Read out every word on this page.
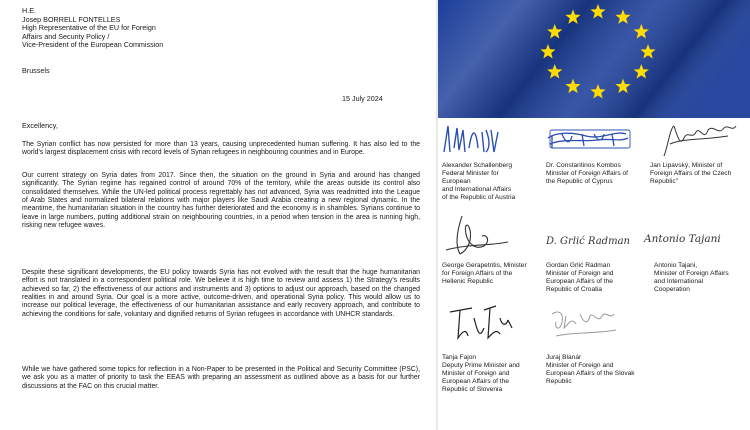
H.E.
Josep BORRELL FONTELLES
High Representative of the EU for Foreign
Affairs and Security Policy /
Vice-President of the European Commission
Brussels
15 July 2024
Excellency,
The Syrian conflict has now persisted for more than 13 years, causing unprecedented human suffering. It has also led to the world's largest displacement crisis with record levels of Syrian refugees in neighbouring countries and in Europe.
Our current strategy on Syria dates from 2017. Since then, the situation on the ground in Syria and around has changed significantly. The Syrian regime has regained control of around 70% of the territory, while the areas outside its control also consolidated themselves. While the UN-led political process regrettably has not advanced, Syria was readmitted into the League of Arab States and normalized bilateral relations with major players like Saudi Arabia creating a new regional dynamic. In the meantime, the humanitarian situation in the country has further deteriorated and the economy is in shambles. Syrians continue to leave in large numbers, putting additional strain on neighbouring countries, in a period when tension in the area is running high, risking new refugee waves.
Despite these significant developments, the EU policy towards Syria has not evolved with the result that the huge humanitarian effort is not translated in a correspondent political role. We believe it is high time to review and assess 1) the Strategy's results achieved so far, 2) the effectiveness of our actions and instruments and 3) options to adjust our approach, based on the changed realities in and around Syria. Our goal is a more active, outcome-driven, and operational Syria policy. This would allow us to increase our political leverage, the effectiveness of our humanitarian assistance and early recovery approach, and contribute to achieving the conditions for safe, voluntary and dignified returns of Syrian refugees in accordance with UNHCR standards.
While we have gathered some topics for reflection in a Non-Paper to be presented in the Political and Security Committee (PSC), we ask you as a matter of priority to task the EEAS with preparing an assessment as outlined above as a basis for our further discussions at the FAC on this crucial matter.
Alexander Schallenberg
Federal Minister for
European
and International Affairs
of the Republic of Austria
Dr. Constantinos Kombos
Minister of Foreign Affairs of
the Republic of Cyprus
Jan Lipavský, Minister of
Foreign Affairs of the Czech
Republic"
George Gerapetritis, Minister
for Foreign Affairs of the
Hellenic Republic
D. Grlić Radman
Gordan Grlić Radman
Minister of Foreign and
European Affairs of the
Republic of Croatia
Antonio Tajani
Antonio Tajani,
Minister of Foreign Affairs
and International
Cooperation
Tanja Fajon
Deputy Prime Minister and
Minister of Foreign and
European Affairs of the
Republic of Slovenia
Juraj Blanár
Minister of Foreign and
European Affairs of the Slovak
Republic
